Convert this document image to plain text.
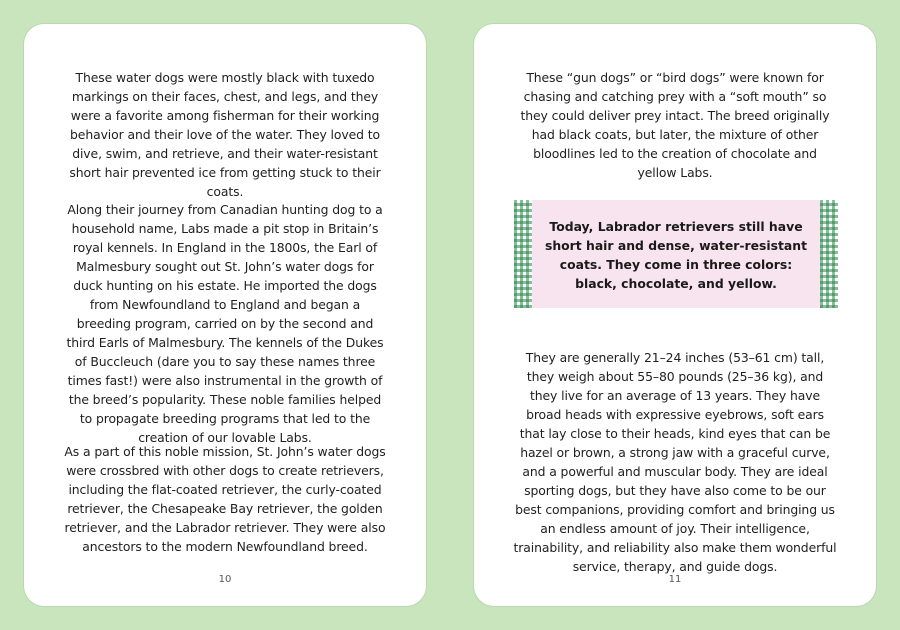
These water dogs were mostly black with tuxedo markings on their faces, chest, and legs, and they were a favorite among fisherman for their working behavior and their love of the water. They loved to dive, swim, and retrieve, and their water-resistant short hair prevented ice from getting stuck to their coats.

Along their journey from Canadian hunting dog to a household name, Labs made a pit stop in Britain’s royal kennels. In England in the 1800s, the Earl of Malmesbury sought out St. John’s water dogs for duck hunting on his estate. He imported the dogs from Newfoundland to England and began a breeding program, carried on by the second and third Earls of Malmesbury. The kennels of the Dukes of Buccleuch (dare you to say these names three times fast!) were also instrumental in the growth of the breed’s popularity. These noble families helped to propagate breeding programs that led to the creation of our lovable Labs.

As a part of this noble mission, St. John’s water dogs were crossbred with other dogs to create retrievers, including the flat-coated retriever, the curly-coated retriever, the Chesapeake Bay retriever, the golden retriever, and the Labrador retriever. They were also ancestors to the modern Newfoundland breed.

10

These “gun dogs” or “bird dogs” were known for chasing and catching prey with a “soft mouth” so they could deliver prey intact. The breed originally had black coats, but later, the mixture of other bloodlines led to the creation of chocolate and yellow Labs.

Today, Labrador retrievers still have short hair and dense, water-resistant coats. They come in three colors: black, chocolate, and yellow.

They are generally 21–24 inches (53–61 cm) tall, they weigh about 55–80 pounds (25–36 kg), and they live for an average of 13 years. They have broad heads with expressive eyebrows, soft ears that lay close to their heads, kind eyes that can be hazel or brown, a strong jaw with a graceful curve, and a powerful and muscular body. They are ideal sporting dogs, but they have also come to be our best companions, providing comfort and bringing us an endless amount of joy. Their intelligence, trainability, and reliability also make them wonderful service, therapy, and guide dogs.

11
